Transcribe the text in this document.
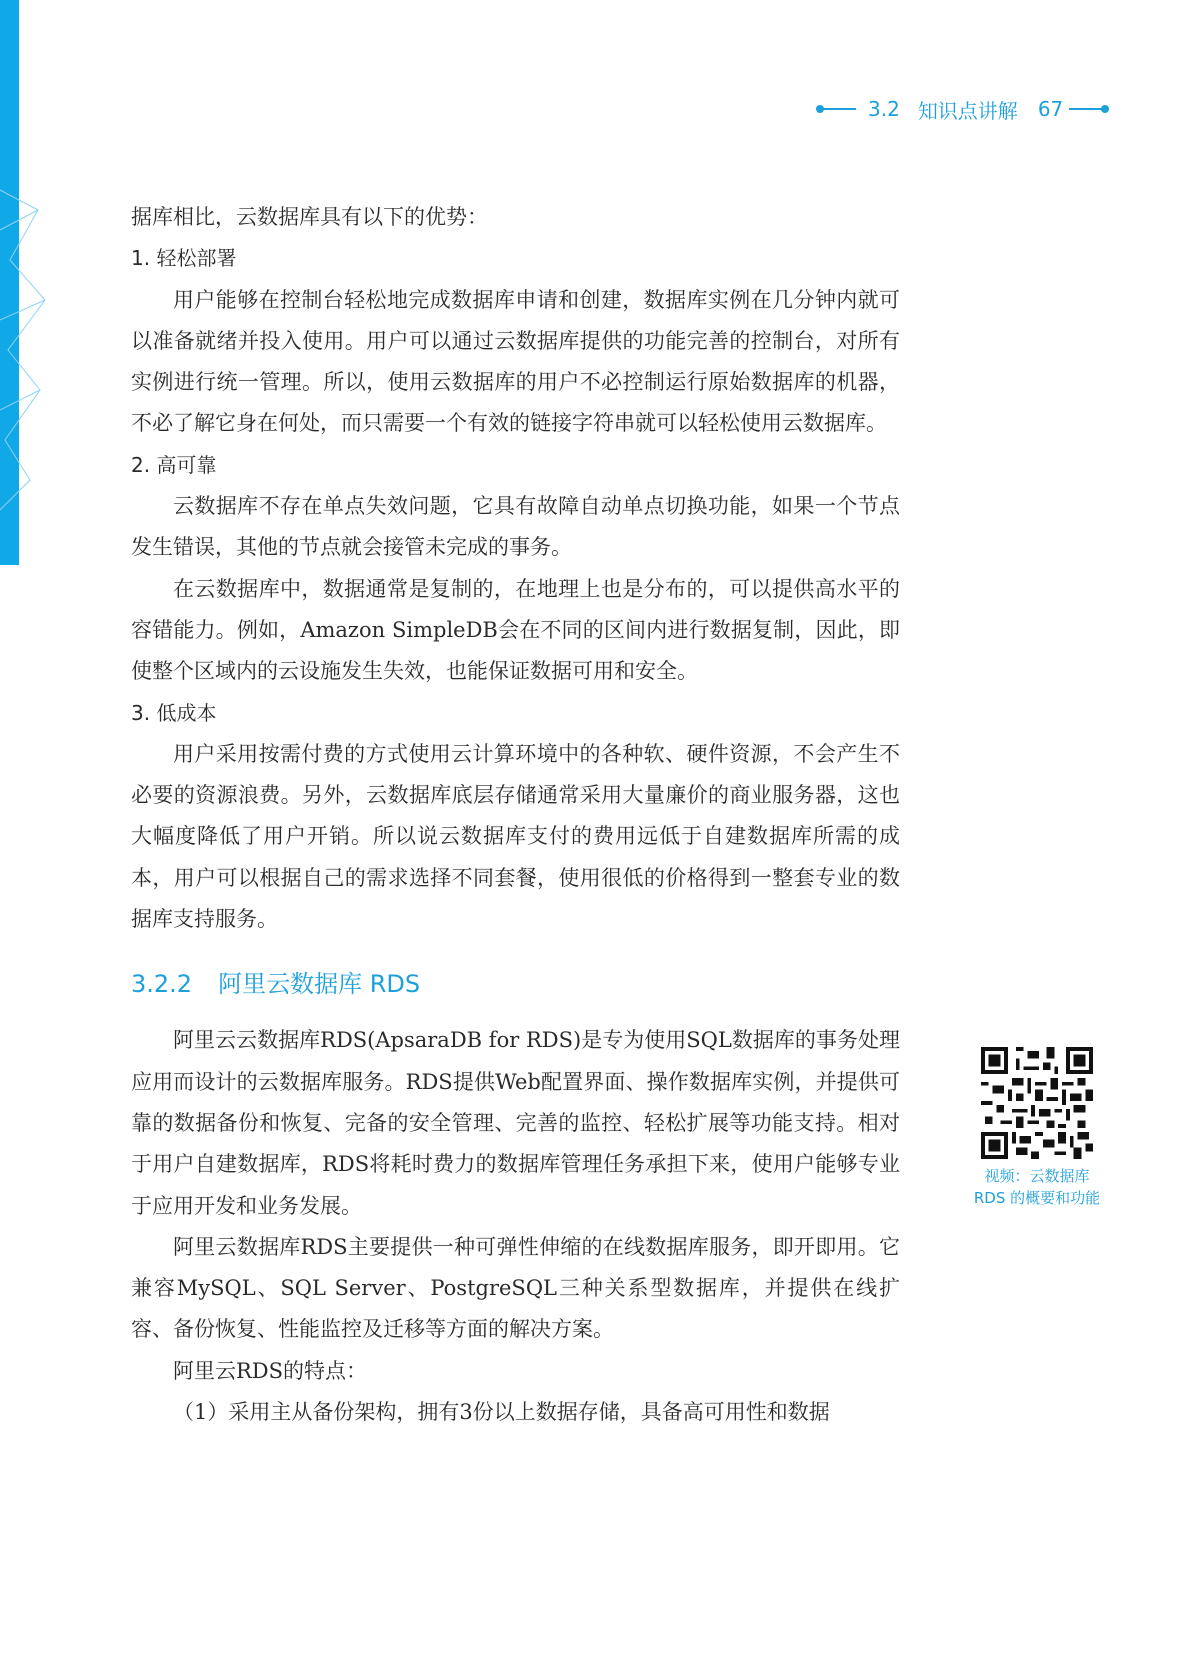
3.2 知识点讲解 67

据库相比，云数据库具有以下的优势：

1. 轻松部署

用户能够在控制台轻松地完成数据库申请和创建，数据库实例在几分钟内就可以准备就绪并投入使用。用户可以通过云数据库提供的功能完善的控制台，对所有实例进行统一管理。所以，使用云数据库的用户不必控制运行原始数据库的机器，不必了解它身在何处，而只需要一个有效的链接字符串就可以轻松使用云数据库。

2. 高可靠

云数据库不存在单点失效问题，它具有故障自动单点切换功能，如果一个节点发生错误，其他的节点就会接管未完成的事务。

在云数据库中，数据通常是复制的，在地理上也是分布的，可以提供高水平的容错能力。例如，Amazon SimpleDB会在不同的区间内进行数据复制，因此，即使整个区域内的云设施发生失效，也能保证数据可用和安全。

3. 低成本

用户采用按需付费的方式使用云计算环境中的各种软、硬件资源，不会产生不必要的资源浪费。另外，云数据库底层存储通常采用大量廉价的商业服务器，这也大幅度降低了用户开销。所以说云数据库支付的费用远低于自建数据库所需的成本，用户可以根据自己的需求选择不同套餐，使用很低的价格得到一整套专业的数据库支持服务。

3.2.2 阿里云数据库 RDS

阿里云云数据库RDS(ApsaraDB for RDS)是专为使用SQL数据库的事务处理应用而设计的云数据库服务。RDS提供Web配置界面、操作数据库实例，并提供可靠的数据备份和恢复、完备的安全管理、完善的监控、轻松扩展等功能支持。相对于用户自建数据库，RDS将耗时费力的数据库管理任务承担下来，使用户能够专业于应用开发和业务发展。

阿里云数据库RDS主要提供一种可弹性伸缩的在线数据库服务，即开即用。它兼容MySQL、SQL Server、PostgreSQL三种关系型数据库，并提供在线扩容、备份恢复、性能监控及迁移等方面的解决方案。

阿里云RDS的特点：

（1）采用主从备份架构，拥有3份以上数据存储，具备高可用性和数据

视频：云数据库
RDS 的概要和功能
